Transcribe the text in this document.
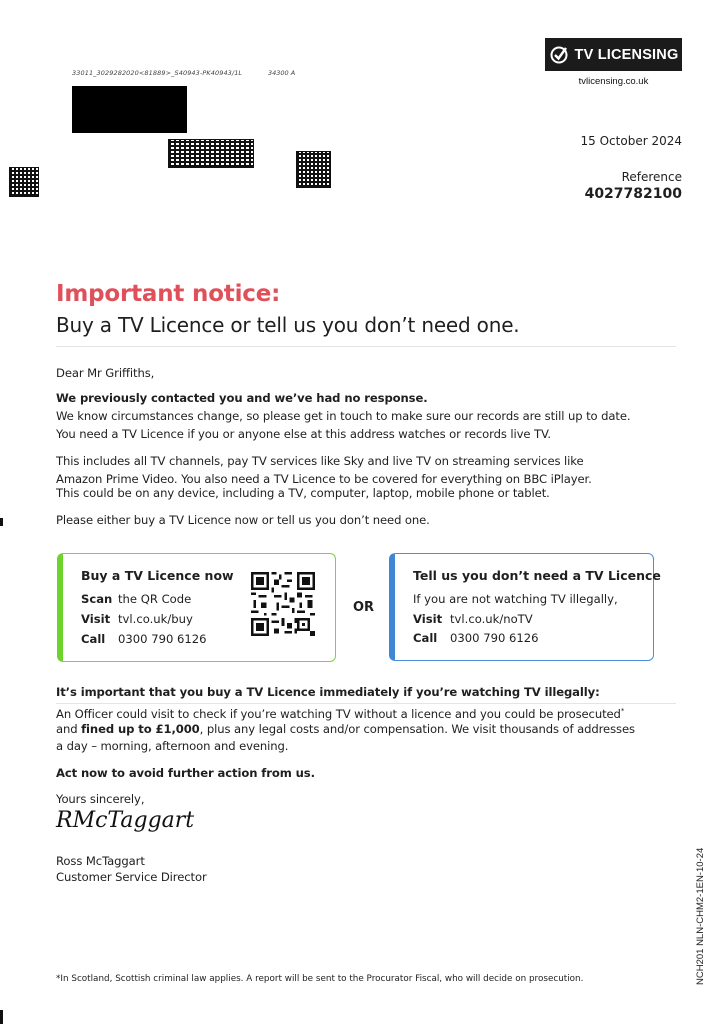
33011_3029282020<81889>_S40943-PK40943/1L	34300 A
TV LICENSING
tvlicensing.co.uk
15 October 2024
Reference
4027782100
Important notice:
Buy a TV Licence or tell us you don’t need one.
Dear Mr Griffiths,
We previously contacted you and we’ve had no response.
We know circumstances change, so please get in touch to make sure our records are still up to date.
You need a TV Licence if you or anyone else at this address watches or records live TV.
This includes all TV channels, pay TV services like Sky and live TV on streaming services like
Amazon Prime Video. You also need a TV Licence to be covered for everything on BBC iPlayer.
This could be on any device, including a TV, computer, laptop, mobile phone or tablet.
Please either buy a TV Licence now or tell us you don’t need one.
Buy a TV Licence now
Scan the QR Code
Visit tvl.co.uk/buy
Call 0300 790 6126
OR
Tell us you don’t need a TV Licence
If you are not watching TV illegally,
Visit tvl.co.uk/noTV
Call 0300 790 6126
It’s important that you buy a TV Licence immediately if you’re watching TV illegally:
An Officer could visit to check if you’re watching TV without a licence and you could be prosecuted*
and fined up to £1,000, plus any legal costs and/or compensation. We visit thousands of addresses
a day – morning, afternoon and evening.
Act now to avoid further action from us.
Yours sincerely,
RMcTaggart
Ross McTaggart
Customer Service Director
*In Scotland, Scottish criminal law applies. A report will be sent to the Procurator Fiscal, who will decide on prosecution.	NCH201 NLN-CHM2-1EN-10-24
